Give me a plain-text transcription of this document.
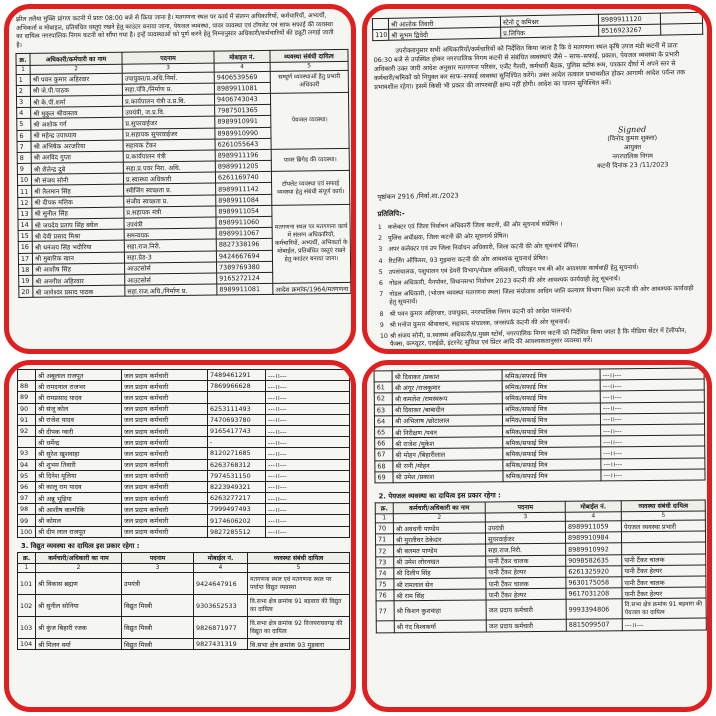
झील तलैया मुक्ति प्रांगण कटनी में प्रातः 08:00 बजे से किया जाना है। मतगणना स्थल पर कार्य में संलग्न अधिकारियों, कर्मचारियों, अभ्यर्थी, अभिकर्ता व मोबाइल, प्रतिबंधित वस्तुएं रखने हेतु काउंटर बनाया जाना, पेयजल व्यवस्था, पावर व्यवस्था एवं टॉयलेट एवं साफ सफाई की व्यवस्था का दायित्व नगरपालिक निगम कटनी को सौंपा गया है। इन्हें व्यवस्थाओं को पूर्ण करने हेतु निम्नानुसार अधिकारी/कर्मचारियों की ड्यूटी लगाई जाती है।
क्र.	अधिकारी/कर्मचारी का नाम	पदनाम	मोबाइल नं.	व्यवस्था संबंधी दायित्व
1	2	3	4	5
1	श्री पवन कुमार अहिरवार	उपायुक्त/प्र.अधि.निर्मा.	9406539569	सम्पूर्ण व्यवस्थाओं हेतु प्रभारी अधिकारी
2	श्री जे.पी.पाठक	सहा.यंत्रि./निर्माण प्र.	8989911081	
3	श्री के.पी.शर्मा	प्र.कार्यपालन यंत्री उ.प्र.वि.	9406743043	पेयजल व्यवस्था।
4	श्री मुकुल श्रीवास्तव	उपयंत्री, ज.प्र.वि.	7987501365	
5	श्री अशोक गर्ग	प्र.सुपरवाईजर	8989910991	
6	श्री महेन्द्र उपाध्याय	प्र.सहायक सुपरवाईजर	8989910990	
7	श्री अभिषेक अरजरिया	सहायक टेंकर	6261055643	
8	श्री अरविंद गुप्ता	प्र.कार्यपालन यंत्री	8989911196	पावर ब्रिगेड की व्यवस्था।
9	श्री शैलेन्द्र दुबे	सहा.प्र.पवर निरा. अधि.	8989911205	
10	श्री संजय सोनी	प्र.स्वास्थ्य अधिकारी	6261169740	टॉयलेट व्यवस्था एवं सफाई व्यवस्था हेतु संबंधी संपूर्ण कार्य।
11	श्री तैलमान सिंह	स्वीजिंग स्वच्छता प्र.	8989911142	
12	श्री दीपक मलिक	संजीव स्वच्छता प्र.	8989911084	
13	श्री सुनील सिंह	प्र.सहायक मंत्री	8989911054	मतगणना स्थल पर मतगणना कार्य में संलग्न अधिकारियों, कर्मचारियों, अभ्यर्थी, अभिकर्ता के मोबाईल, प्रतिबंधित वस्तुएं रखने हेतु काउंटर बनाया जाना।
14	श्री जयदेव प्रताप सिंह बघेल	उपयंत्री	8989911060	
15	श्री देवी प्रसाद मिश्रा	समन्वयक	8989911067	
16	श्री धनंजय सिंह भदौरिया	सहा.राज.निरी.	8827338196	
17	श्री मुबारिक खान	सहा.ग्रेड-3	9424667694	
18	श्री आशीष सिंह	आउटसोर्स	7389769380	
19	श्री अनगीश अहिरवार	आउटसोर्स	9165272124	
20	श्री जागेश्वर प्रसाद पाठक	सहा.राज.अधि./निर्माण प्र.	8989911081	आदेश क्रमांक/1964/मतगणना
	श्री आलोक तिवारी	स्टेनो टू कमिश्नर	8989911120	
110	श्री सुभम द्विवेदी	प्र.लिपिक	8516923267	
उपरोक्तानुसार सभी अधिकारियों/कर्मचारियों को निर्देशित किया जाता है कि वे मतगणना स्थल कृषि उपज मंडी कटनी में प्रातः 06:30 बजे से उपस्थित होकर नगरपालिक निगम कटनी से संबंधित व्यवस्थाएं जैसे – साफ–सफाई, प्रकाश, पेयजल व्यवस्था के प्रभारी अधिकारी उक्त जारी आदेश अनुसार मतगणना परिसर, एजेंट गैलरी, कर्मचारी बैठक, पुलिस स्टॉफ रूम, पत्रकार दीर्घा में अपने स्तर से कर्मचारी/श्रमिकों को नियुक्त कर साफ–सफाई व्यवस्था सुनिश्चित करेंगे। उक्त आदेश तत्काल प्रभावशील होकर आगामी आदेश पर्यन्त तक प्रभावशील रहेगा। इसमें किसी भी प्रकार की लापरवाही क्षम्य नहीं होगी। आदेश का पालन सुनिश्चित करें।
Signed
(विनोद कुमार शुक्ला)
आयुक्त
नगरपालिक निगम
कटनी दिनांक 23 /11/2023
पृष्ठांकन 2916 /निर्वा.शा./2023
प्रतिलिपि:-
1 कलेक्टर एवं जिला निर्वाचन अधिकारी जिला कटनी, की ओर सूचनार्थ संप्रेषित ।
2 पुलिस अधीक्षक, जिला कटनी की ओर सूचनार्थ प्रेषित।
3 अपर कलेक्टर एवं उप जिला निर्वाचन अधिकारी, जिला कटनी की ओर सूचनार्थ प्रेषित।
4 रिटर्निंग ऑफिसर, 93 मुड़वारा कटनी की ओर आवश्यक सूचनार्थ प्रेषित।
5 उपसंचालक, पशुपालन एवं डेयरी विभाग/नोडल अधिकारी, परिवहन पत्र की ओर आवश्यक कार्यवाही हेतु सूचनार्थ।
6 नोडल अधिकारी, मैनपॉवर, विधानसभा निर्वाचन 2023 कटनी की ओर आवश्यक कार्यवाही हेतु सूचनार्थ।
7 नोडल अधिकारी, (भोजन व्यवस्था मतगणना स्थल) जिला संयोजक आदिम जाति कल्याण विभाग जिला कटनी की ओर आवश्यक कार्यवाही हेतु सूचनार्थ।
8 श्री पवन कुमार अहिरवार, उपायुक्त, नगरपालिक निगम कटनी को आदेश पालनार्थ।
9 श्री मनोज कुमार श्रीवास्तव, सहायक संचालक, जनसंपर्क कटनी की ओर सूचनार्थ।
10 श्री संजय सोनी, प्र.स्वास्थ्य अधिकारी/प्र.मुख्य स्टोर्स, नगरपालिक निगम कटनी को निर्देशित किया जाता है कि मीडिया सेंटर में टेलीफोन, फैक्स, कम्प्यूटर, एलईडी, इंटरनेट सुविधा एवं प्रिंटर आदि की आवश्यकतानुसार व्यवस्था करें।
	श्री अबूलाल राजपूत	जल प्रदाय कर्मचारी	7489461291	---।।---
88	श्री रामदयाल राजभर	जल प्रदाय कर्मचारी	7869966628	---।।---
89	श्री रामप्रसाद यादव	जल प्रदाय कर्मचारी		---।।---
90	श्री संजू कोल	जल प्रदाय कर्मचारी	6253111493	---।।---
91	श्री राजेश यादव	जल प्रदाय कर्मचारी	7470693780	---।।---
92	श्री दीपक ग्वारी	जल प्रदाय कर्मचारी	9165417743	---।।---
	श्री धर्मेन्द्र	जल प्रदाय कर्मचारी	-	---।।---
93	श्री सुरेश खुशवाहा	जल प्रदाय कर्मचारी	8120271685	---।।---
94	श्री शुभम तिवारी	जल प्रदाय कर्मचारी	6263768312	---।।---
95	श्री दिनेश मूलिया	जल प्रदाय कर्मचारी	7974531150	---।।---
96	श्री कालू राम यादव	जल प्रदाय कर्मचारी	8223949321	---।।---
97	श्री अन्नू भूड़िया	जल प्रदाय कर्मचारी	6263277217	---।।---
98	श्री आशीष वाल्मीकि	जल प्रदाय कर्मचारी	7999497493	---।।---
99	श्री कोमल	जल प्रदाय कर्मचारी	9174606202	---।।---
100	श्री दीप लाल राजपूत	जल प्रदाय कर्मचारी	9827285512	---।।---
3. विद्युत व्यवस्था का दायित्व इस प्रकार रहेगा :
क्र.	कर्मचारी/अधिकारी का नाम	पदनाम	मोबाईल नं.	व्यवस्था संबंधी दायित्व
1	2	3	4	5
101	श्री विकास ब्रह्मण	उपयंत्री	9424647916	मतगणना स्थल एवं मतगणना स्थल पर पर्याप्त विद्युत व्यवस्था
102	श्री सुनील सोनिया	विद्युत मिस्त्री	9303652533	वि.सभा क्षेत्र क्रमांक 91 बड़वारा की विद्युत का दायित्व
103	श्री कुंज बिहारी रजक	विद्युत मिस्त्री	9826871977	वि.सभा क्षेत्र क्रमांक 92 विजयराघवगढ़ की विद्युत का दायित्व
104	श्री मिलन वर्मा	विद्युत मिस्त्री	9827431319	वि.सभा क्षेत्र क्रमांक 93 मुड़वारा
	श्री दिवाकर /प्रकाश	श्रमिक/सफाई मित्र	---।।---
61	श्री अंगूर /राजकुमार	श्रमिक/सफाई मित्र	---।।---
62	श्री कमलेश /रामस्वरूप	श्रमिक/सफाई मित्र	---।।---
63	श्री दिवाकर /बाबादीन	श्रमिक/सफाई मित्र	---।।---
64	श्री अभिलाष /छोटालाल	श्रमिक/सफाई मित्र	---।।---
65	श्री निरीक्षण /पवन	श्रमिक/सफाई मित्र	---।।---
66	श्री राजेश /मुकेश	श्रमिक/सफाई मित्र	---।।---
67	श्री मोहन /बिहारीलाल	श्रमिक/सफाई मित्र	---।।---
68	श्री रानी /मोहन	श्रमिक/सफाई मित्र	---।।---
69	श्री उमेश /प्रकाश	श्रमिक/सफाई मित्र	---।।---
2. पेयजल व्यवस्था का दायित्व इस प्रकार रहेगा :
क्र.	कर्मचारी/अधिकारी का नाम	पदनाम	मोबाईल नं.	व्यवस्था संबंधी दायित्व
1	2	3	4	5
70	श्री अवधनी पाण्डेय	उपयंत्री	8989911059	पेयजल व्यवस्था प्रभारी
71	श्री मुरलीधर ठेकेदार	सुपरवाईजर	8989910984	
72	श्री बलमत पाण्डेय	सहा.राज.निरी.	8989910992	
73	श्री उमेश लोरनखत	पानी टैंकर चालक	9098582635	पानी टैंकर चालक
74	श्री दिलीप सिंह	पानी टैंकर हेल्पर	6261325920	पानी टैंकर हेल्पर
75	श्री रामलाल सेन	पानी टैंकर चालक	9630175058	पानी टैंकर चालक
76	श्री राम सिंह	पानी टैंकर हेल्पर	9617031208	पानी टैंकर हेल्पर
77	श्री किशन कुशवाहा	जल प्रदाय कर्मचारी	9993394806	वि.सभा क्षेत्र क्रमांक 91 बड़वारा की पेयजल का दायित्व
	श्री गंद विश्वकर्मा	जल प्रदाय कर्मचारी	8815099507	---।।---
